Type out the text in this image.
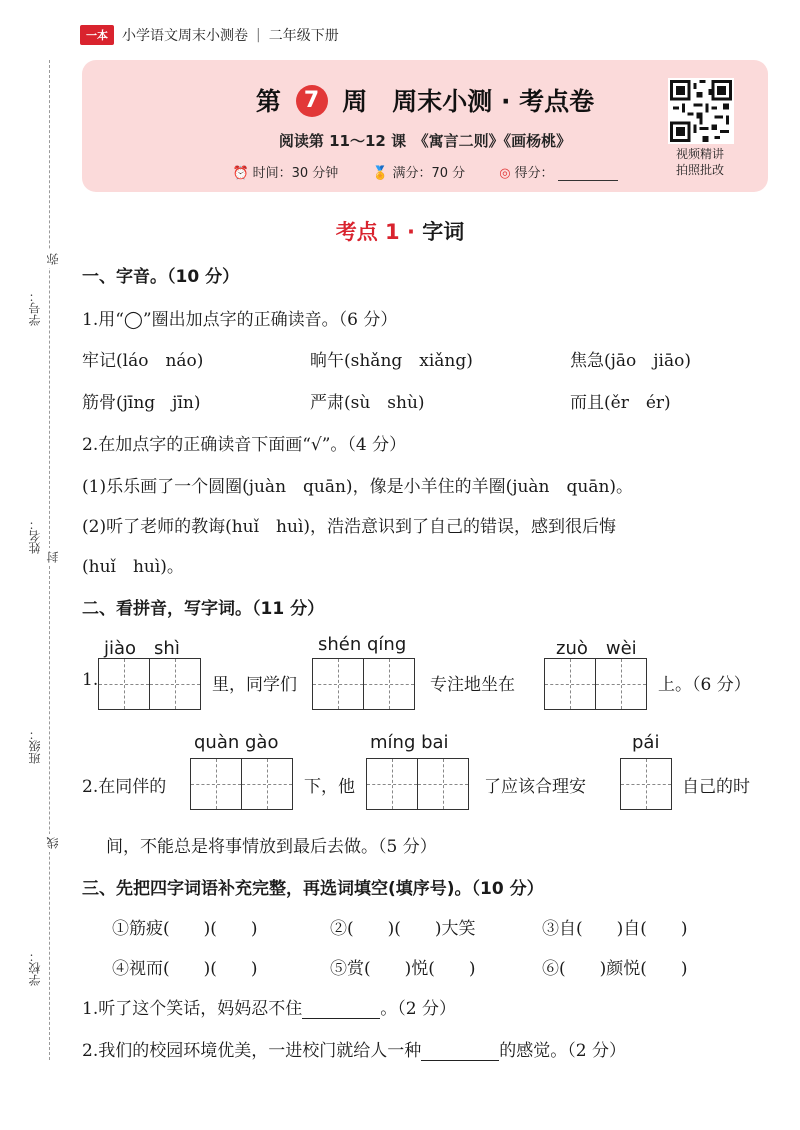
一本	小学语文周末小测卷 | 二年级下册
学号：
姓名：
班级：
学校：
弥
封
线
第 7 周　周末小测 · 考点卷
阅读第 11～12 课　《寓言二则》《画杨桃》
⏰ 时间：30 分钟	🏅 满分：70 分	◎ 得分：
视频精讲
拍照批改
考点 1 · 字词
一、字音。（10 分）
1.用“◯”圈出加点字的正确读音。（6 分）
牢记(láo　náo)	晌午(shǎng　xiǎng)	焦急(jāo　jiāo)
筋骨(jīng　jīn)	严肃(sù　shù)	而且(ěr　ér)
2.在加点字的正确读音下面画“√”。（4 分）
(1)乐乐画了一个圆圈(juàn　quān)，像是小羊住的羊圈(juàn　quān)。
(2)听了老师的教诲(huǐ　huì)，浩浩意识到了自己的错误，感到很后悔
(huǐ　huì)。
二、看拼音，写字词。（11 分）
jiào　shì	shén qíng	zuò　wèi
1.	里，同学们	专注地坐在	上。（6 分）
quàn gào	míng bai	pái
2.在同伴的	下，他	了应该合理安	自己的时
间，不能总是将事情放到最后去做。（5 分）
三、先把四字词语补充完整，再选词填空(填序号)。（10 分）
①筋疲(　　)(　　)	②(　　)(　　)大笑	③自(　　)自(　　)
④视而(　　)(　　)	⑤赏(　　)悦(　　)	⑥(　　)颜悦(　　)
1.听了这个笑话，妈妈忍不住	。（2 分）
2.我们的校园环境优美，一进校门就给人一种	的感觉。（2 分）
